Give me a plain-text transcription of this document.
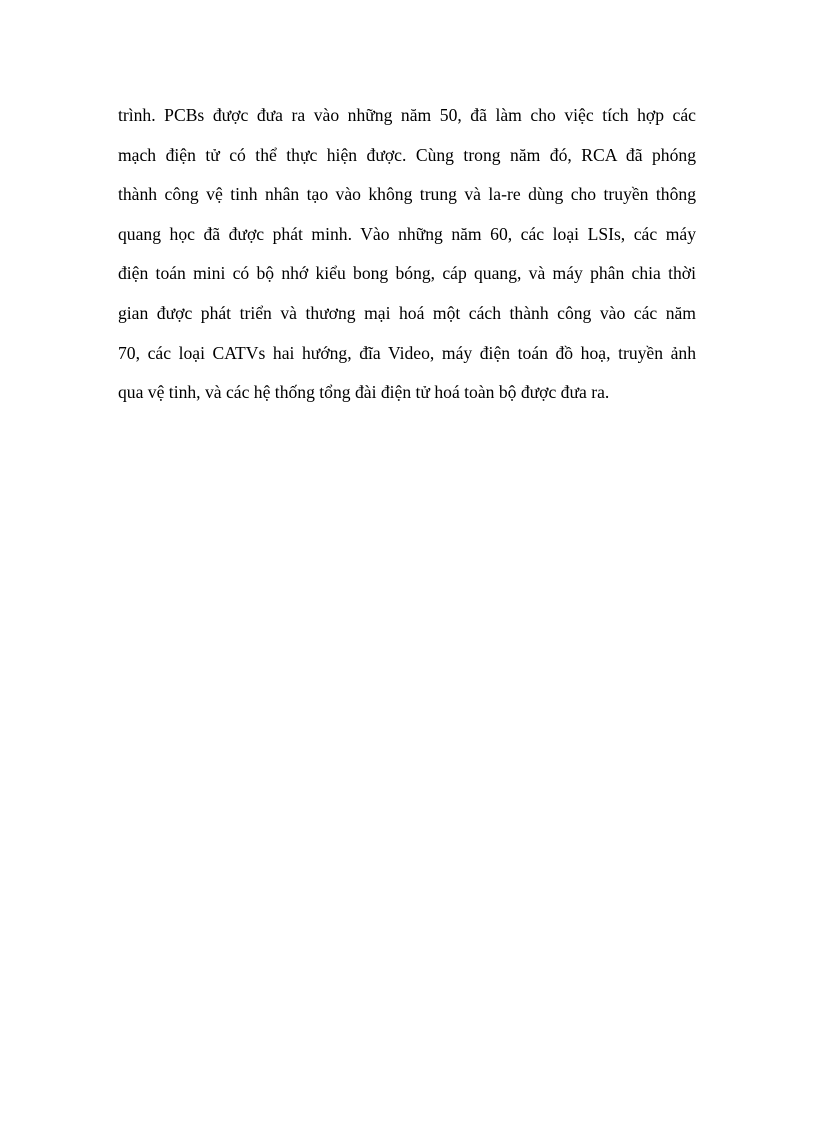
trình. PCBs được đưa ra vào những năm 50, đã làm cho việc tích hợp các
mạch điện tử có thể thực hiện được. Cùng trong năm đó, RCA đã phóng
thành công vệ tinh nhân tạo vào không trung và la-re dùng cho truyền thông
quang học đã được phát minh. Vào những năm 60, các loại LSIs, các máy
điện toán mini có bộ nhớ kiểu bong bóng, cáp quang, và máy phân chia thời
gian được phát triển và thương mại hoá một cách thành công vào các năm
70, các loại CATVs hai hướng, đĩa Video, máy điện toán đồ hoạ, truyền ảnh
qua vệ tinh, và các hệ thống tổng đài điện tử hoá toàn bộ được đưa ra.
